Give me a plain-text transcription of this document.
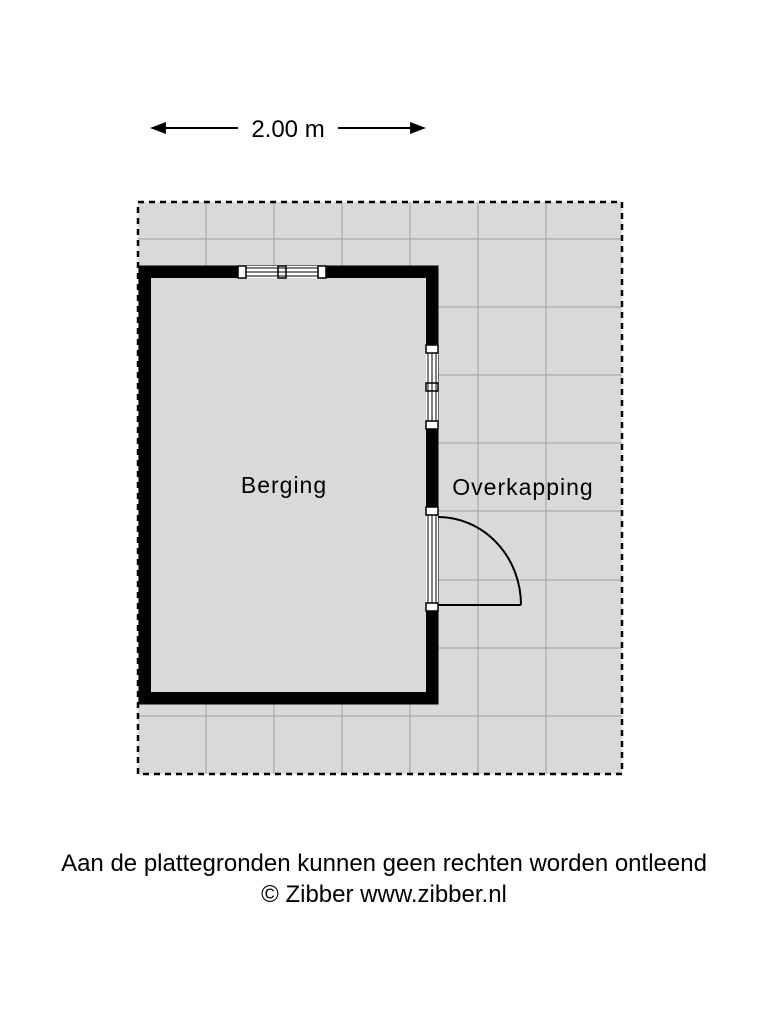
2.00 m
Berging	Overkapping
Aan de plattegronden kunnen geen rechten worden ontleend
© Zibber www.zibber.nl
